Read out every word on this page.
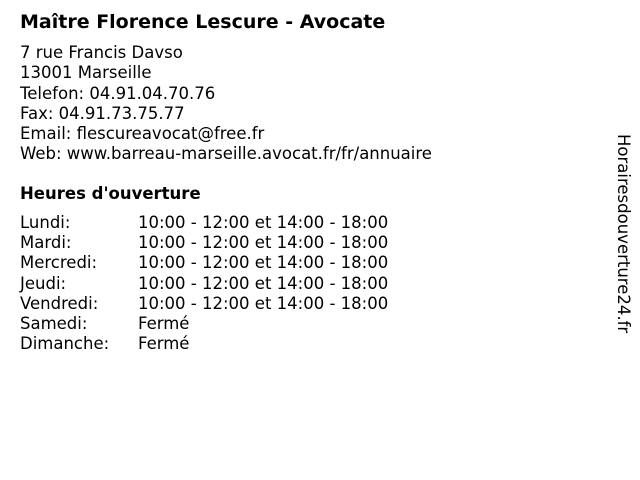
Maître Florence Lescure - Avocate
7 rue Francis Davso
13001 Marseille
Telefon: 04.91.04.70.76
Fax: 04.91.73.75.77
Email: flescureavocat@free.fr
Web: www.barreau-marseille.avocat.fr/fr/annuaire
Heures d'ouverture
Lundi:	10:00 - 12:00 et 14:00 - 18:00
Mardi:	10:00 - 12:00 et 14:00 - 18:00
Mercredi: 10:00 - 12:00 et 14:00 - 18:00
Jeudi:	10:00 - 12:00 et 14:00 - 18:00
Vendredi: 10:00 - 12:00 et 14:00 - 18:00
Samedi:	Fermé
Dimanche: Fermé
Horairesdouverture24.fr
